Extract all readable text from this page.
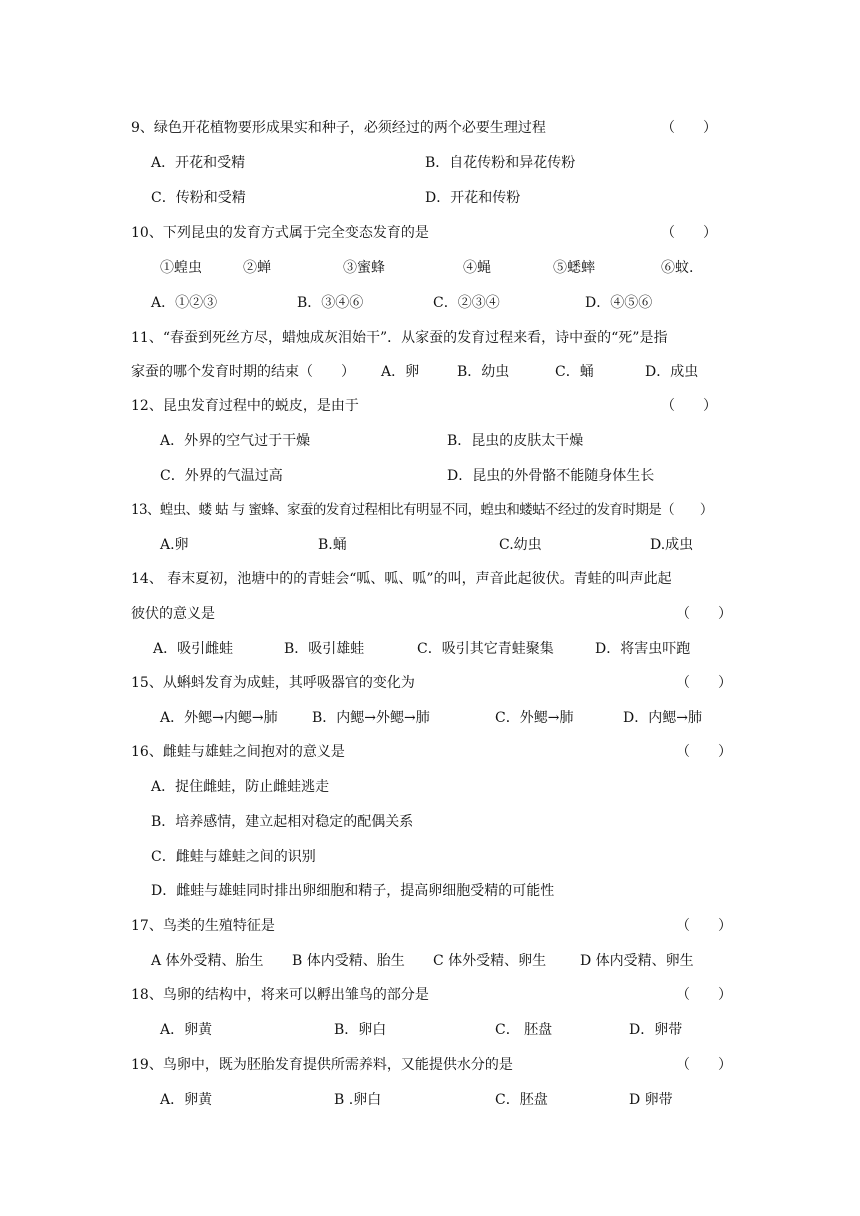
9、绿色开花植物要形成果实和种子，必须经过的两个必要生理过程	（　　）
A．开花和受精	B．自花传粉和异花传粉
C．传粉和受精	D．开花和传粉
10、下列昆虫的发育方式属于完全变态发育的是	（　　）
①蝗虫	②蝉	③蜜蜂	④蝇	⑤蟋蟀	⑥蚊.
A．①②③	B．③④⑥	C．②③④	D．④⑤⑥
11、“春蚕到死丝方尽，蜡烛成灰泪始干”．从家蚕的发育过程来看，诗中蚕的“死”是指
家蚕的哪个发育时期的结束（　　） A．卵	B．幼虫	C．蛹	D．成虫
12、昆虫发育过程中的蜕皮，是由于	（　　）
A．外界的空气过于干燥	B．昆虫的皮肤太干燥
C．外界的气温过高	D．昆虫的外骨骼不能随身体生长
13、蝗虫、蝼 蛄 与 蜜蜂、家蚕的发育过程相比有明显不同，蝗虫和蝼蛄不经过的发育时期是（　　）
A.卵	B.蛹	C.幼虫	D.成虫
14、 春末夏初，池塘中的的青蛙会“呱、呱、呱”的叫，声音此起彼伏。青蛙的叫声此起
彼伏的意义是	（　　）
A．吸引雌蛙	B．吸引雄蛙	C．吸引其它青蛙聚集	D．将害虫吓跑
15、从蝌蚪发育为成蛙，其呼吸器官的变化为	（　　）
A．外鳃→内鳃→肺 B．内鳃→外鳃→肺	C．外鳃→肺	D．内鳃→肺
16、雌蛙与雄蛙之间抱对的意义是	（　　）
A．捉住雌蛙，防止雌蛙逃走
B．培养感情，建立起相对稳定的配偶关系
C．雌蛙与雄蛙之间的识别
D．雌蛙与雄蛙同时排出卵细胞和精子，提高卵细胞受精的可能性
17、鸟类的生殖特征是	（　　）
A 体外受精、胎生 B 体内受精、胎生 C 体外受精、卵生 D 体内受精、卵生
18、鸟卵的结构中，将来可以孵出雏鸟的部分是	（　　）
A．卵黄	B．卵白	C． 胚盘	D．卵带
19、鸟卵中，既为胚胎发育提供所需养料，又能提供水分的是	（　　）
A．卵黄	B .卵白	C．胚盘	D 卵带
